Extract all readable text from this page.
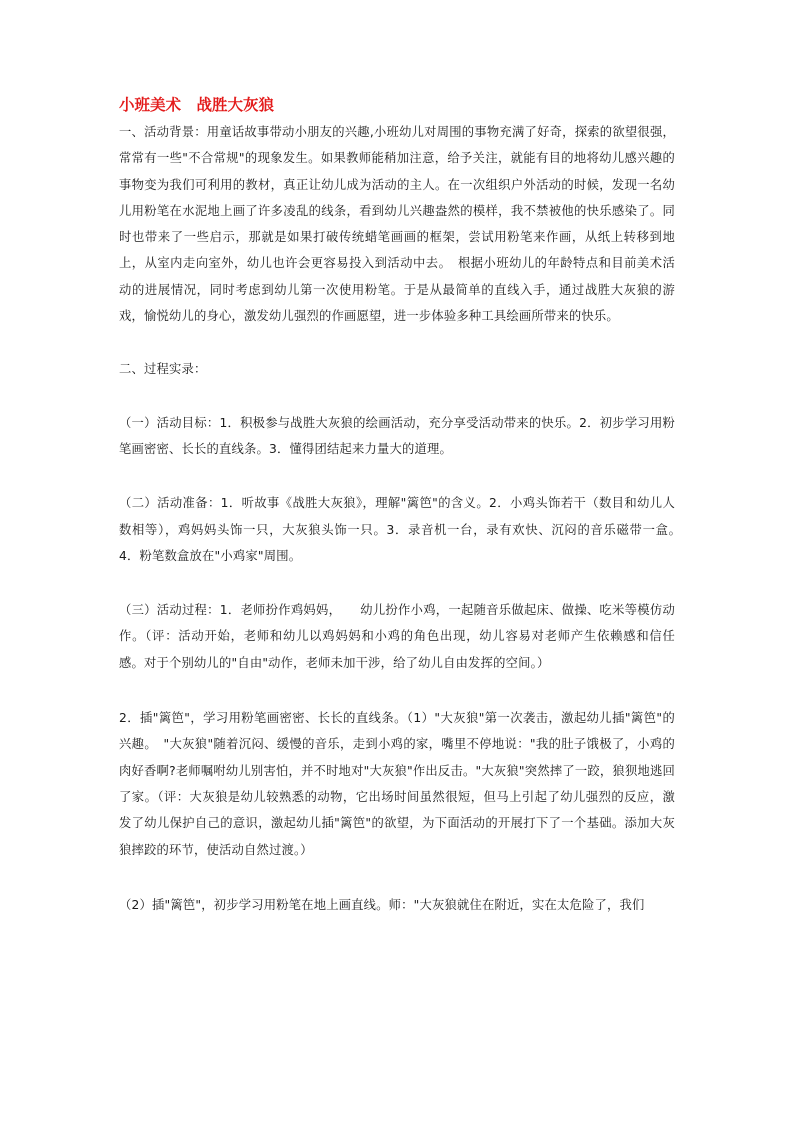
小班美术　战胜大灰狼

一、活动背景：用童话故事带动小朋友的兴趣,小班幼儿对周围的事物充满了好奇，探索的欲望很强，常常有一些"不合常规"的现象发生。如果教师能稍加注意，给予关注，就能有目的地将幼儿感兴趣的事物变为我们可利用的教材，真正让幼儿成为活动的主人。在一次组织户外活动的时候，发现一名幼儿用粉笔在水泥地上画了许多凌乱的线条，看到幼儿兴趣盎然的模样，我不禁被他的快乐感染了。同时也带来了一些启示，那就是如果打破传统蜡笔画画的框架，尝试用粉笔来作画，从纸上转移到地上，从室内走向室外，幼儿也许会更容易投入到活动中去。　根据小班幼儿的年龄特点和目前美术活动的进展情况，同时考虑到幼儿第一次使用粉笔。于是从最简单的直线入手，通过战胜大灰狼的游戏，愉悦幼儿的身心，激发幼儿强烈的作画愿望，进一步体验多种工具绘画所带来的快乐。

二、过程实录：

（一）活动目标：1．积极参与战胜大灰狼的绘画活动，充分享受活动带来的快乐。2．初步学习用粉笔画密密、长长的直线条。3．懂得团结起来力量大的道理。

（二）活动准备：1．听故事《战胜大灰狼》，理解"篱笆"的含义。2．小鸡头饰若干（数目和幼儿人数相等），鸡妈妈头饰一只，大灰狼头饰一只。3．录音机一台，录有欢快、沉闷的音乐磁带一盒。　4．粉笔数盒放在"小鸡家"周围。

（三）活动过程：1．老师扮作鸡妈妈，　　幼儿扮作小鸡，一起随音乐做起床、做操、吃米等模仿动作。（评：活动开始，老师和幼儿以鸡妈妈和小鸡的角色出现，幼儿容易对老师产生依赖感和信任感。对于个别幼儿的"自由"动作，老师未加干涉，给了幼儿自由发挥的空间。）

2．插"篱笆"，学习用粉笔画密密、长长的直线条。（1）"大灰狼"第一次袭击，激起幼儿插"篱笆"的兴趣。　"大灰狼"随着沉闷、缓慢的音乐，走到小鸡的家，嘴里不停地说："我的肚子饿极了，小鸡的肉好香啊?老师嘱咐幼儿别害怕，并不时地对"大灰狼"作出反击。"大灰狼"突然摔了一跤，狼狈地逃回了家。（评：大灰狼是幼儿较熟悉的动物，它出场时间虽然很短，但马上引起了幼儿强烈的反应，激发了幼儿保护自己的意识，激起幼儿插"篱笆"的欲望，为下面活动的开展打下了一个基础。添加大灰狼摔跤的环节，使活动自然过渡。）

（2）插"篱笆"，初步学习用粉笔在地上画直线。师："大灰狼就住在附近，实在太危险了，我们
